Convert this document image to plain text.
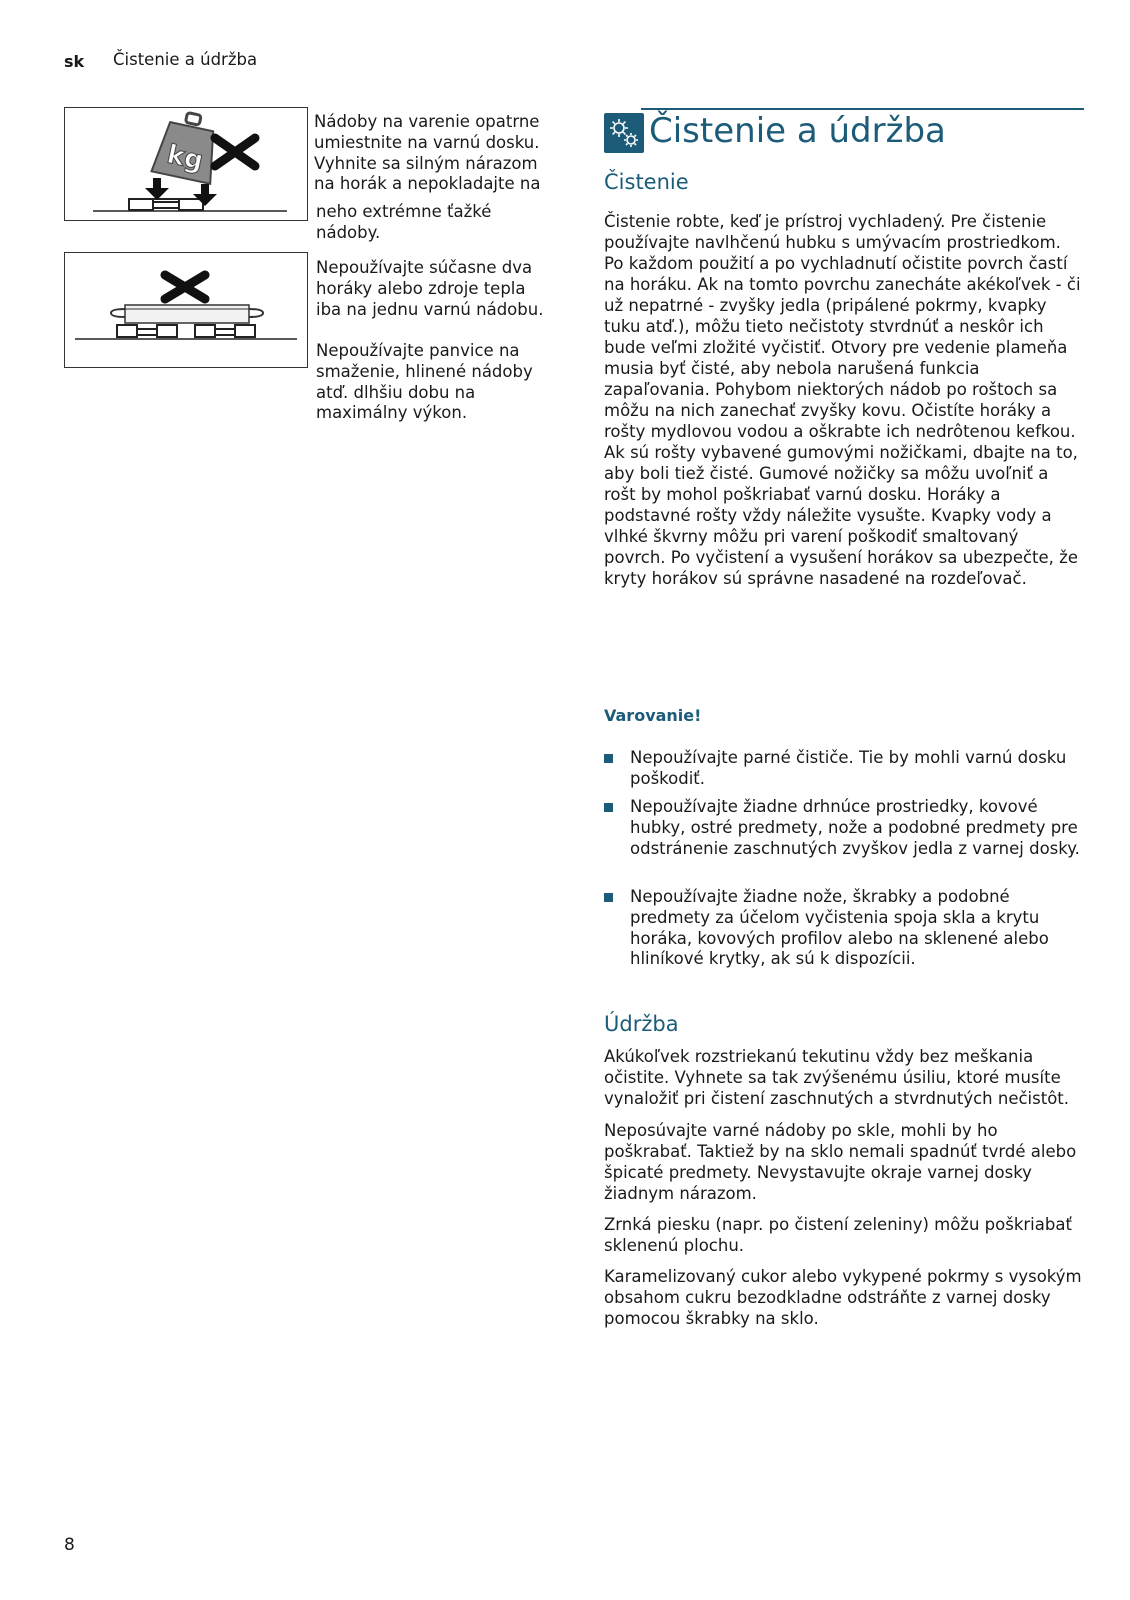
sk Čistenie a údržba
kg

Nádoby na varenie opatrne umiestnite na varnú dosku. Vyhnite sa silným nárazom na horák a nepokladajte na

neho extrémne ťažké nádoby.

Nepoužívajte súčasne dva horáky alebo zdroje tepla iba na jednu varnú nádobu.

Nepoužívajte panvice na smaženie, hlinené nádoby atď. dlhšiu dobu na maximálny výkon.

Čistenie a údržba
Čistenie

Čistenie robte, keď je prístroj vychladený. Pre čistenie používajte navlhčenú hubku s umývacím prostriedkom. Po každom použití a po vychladnutí očistite povrch častí na horáku. Ak na tomto povrchu zanecháte akékoľvek - či už nepatrné - zvyšky jedla (pripálené pokrmy, kvapky tuku atď.), môžu tieto nečistoty stvrdnúť a neskôr ich bude veľmi zložité vyčistiť. Otvory pre vedenie plameňa musia byť čisté, aby nebola narušená funkcia zapaľovania. Pohybom niektorých nádob po roštoch sa môžu na nich zanechať zvyšky kovu. Očistíte horáky a rošty mydlovou vodou a oškrabte ich nedrôtenou kefkou. Ak sú rošty vybavené gumovými nožičkami, dbajte na to, aby boli tiež čisté. Gumové nožičky sa môžu uvoľniť a rošt by mohol poškriabať varnú dosku. Horáky a podstavné rošty vždy náležite vysušte. Kvapky vody a vlhké škvrny môžu pri varení poškodiť smaltovaný povrch. Po vyčistení a vysušení horákov sa ubezpečte, že kryty horákov sú správne nasadené na rozdeľovač.

Varovanie!

Nepoužívajte parné čističe. Tie by mohli varnú dosku poškodiť.
Nepoužívajte žiadne drhnúce prostriedky, kovové hubky, ostré predmety, nože a podobné predmety pre odstránenie zaschnutých zvyškov jedla z varnej dosky.
Nepoužívajte žiadne nože, škrabky a podobné predmety za účelom vyčistenia spoja skla a krytu horáka, kovových profilov alebo na sklenené alebo hliníkové krytky, ak sú k dispozícii.
Údržba

Akúkoľvek rozstriekanú tekutinu vždy bez meškania očistite. Vyhnete sa tak zvýšenému úsiliu, ktoré musíte vynaložiť pri čistení zaschnutých a stvrdnutých nečistôt.

Neposúvajte varné nádoby po skle, mohli by ho poškrabať. Taktiež by na sklo nemali spadnúť tvrdé alebo špicaté predmety. Nevystavujte okraje varnej dosky žiadnym nárazom.

Zrnká piesku (napr. po čistení zeleniny) môžu poškriabať sklenenú plochu.

Karamelizovaný cukor alebo vykypené pokrmy s vysokým obsahom cukru bezodkladne odstráňte z varnej dosky pomocou škrabky na sklo.

8
